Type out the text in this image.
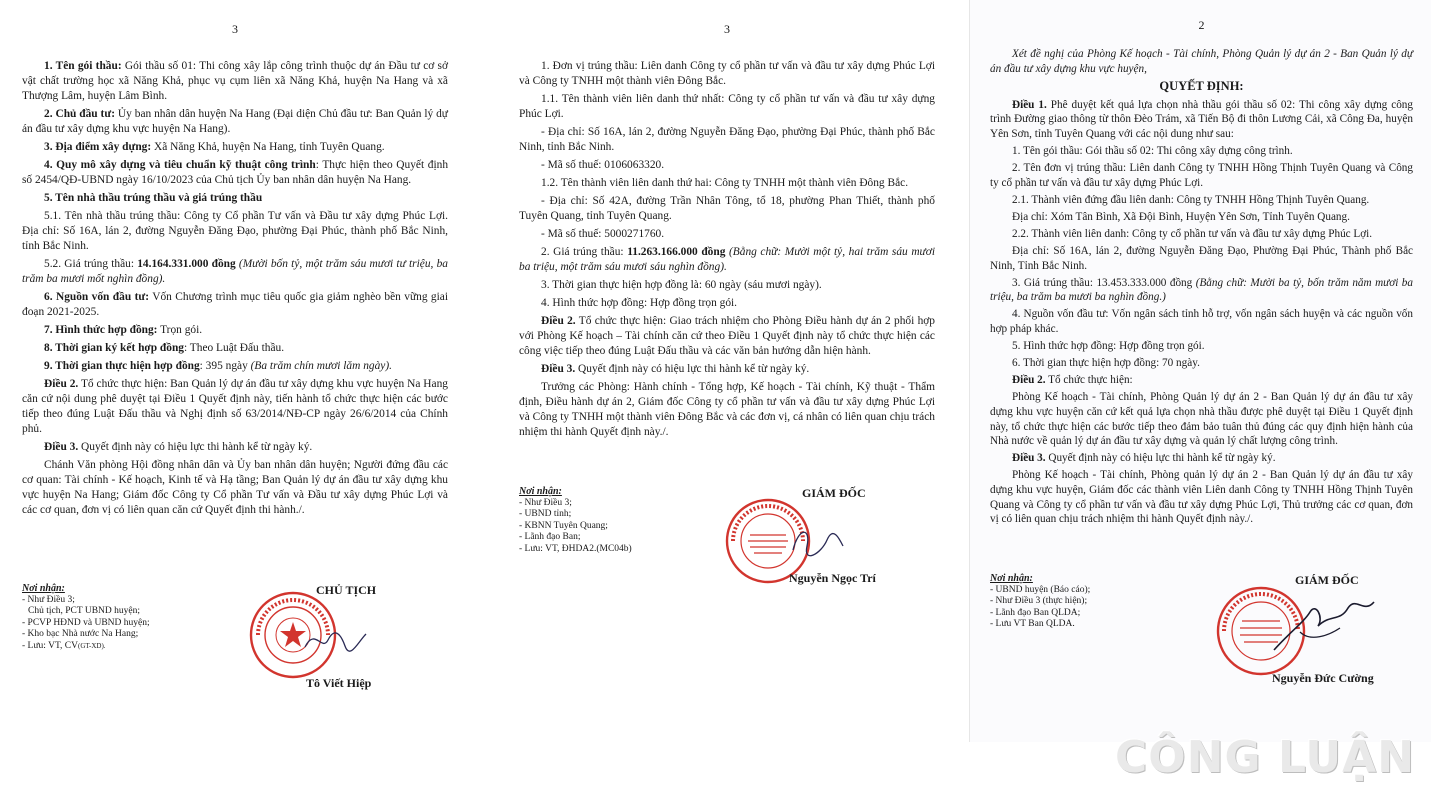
3
1. Tên gói thầu: Gói thầu số 01: Thi công xây lắp công trình thuộc dự án Đầu tư cơ sở vật chất trường học xã Năng Khả, phục vụ cụm liên xã Năng Khả, huyện Na Hang và xã Thượng Lâm, huyện Lâm Bình.
2. Chủ đầu tư: Ủy ban nhân dân huyện Na Hang (Đại diện Chủ đầu tư: Ban Quản lý dự án đầu tư xây dựng khu vực huyện Na Hang).
3. Địa điểm xây dựng: Xã Năng Khả, huyện Na Hang, tỉnh Tuyên Quang.
4. Quy mô xây dựng và tiêu chuẩn kỹ thuật công trình: Thực hiện theo Quyết định số 2454/QĐ-UBND ngày 16/10/2023 của Chủ tịch Ủy ban nhân dân huyện Na Hang.
5. Tên nhà thầu trúng thầu và giá trúng thầu
5.1. Tên nhà thầu trúng thầu: Công ty Cổ phần Tư vấn và Đầu tư xây dựng Phúc Lợi. Địa chỉ: Số 16A, lán 2, đường Nguyễn Đăng Đạo, phường Đại Phúc, thành phố Bắc Ninh, tỉnh Bắc Ninh.
5.2. Giá trúng thầu: 14.164.331.000 đồng (Mười bốn tỷ, một trăm sáu mươi tư triệu, ba trăm ba mươi mốt nghìn đồng).
6. Nguồn vốn đầu tư: Vốn Chương trình mục tiêu quốc gia giảm nghèo bền vững giai đoạn 2021-2025.
7. Hình thức hợp đồng: Trọn gói.
8. Thời gian ký kết hợp đồng: Theo Luật Đấu thầu.
9. Thời gian thực hiện hợp đồng: 395 ngày (Ba trăm chín mươi lăm ngày).
Điều 2. Tổ chức thực hiện: Ban Quản lý dự án đầu tư xây dựng khu vực huyện Na Hang căn cứ nội dung phê duyệt tại Điều 1 Quyết định này, tiến hành tổ chức thực hiện các bước tiếp theo đúng Luật Đấu thầu và Nghị định số 63/2014/NĐ-CP ngày 26/6/2014 của Chính phủ.
Điều 3. Quyết định này có hiệu lực thi hành kể từ ngày ký.
Chánh Văn phòng Hội đồng nhân dân và Ủy ban nhân dân huyện; Người đứng đầu các cơ quan: Tài chính - Kế hoạch, Kinh tế và Hạ tầng; Ban Quản lý dự án đầu tư xây dựng khu vực huyện Na Hang; Giám đốc Công ty Cổ phần Tư vấn và Đầu tư xây dựng Phúc Lợi và các cơ quan, đơn vị có liên quan căn cứ Quyết định thi hành./.
Nơi nhận:
- Như Điều 3;
Chủ tịch, PCT UBND huyện;
- PCVP HĐND và UBND huyện;
- Kho bạc Nhà nước Na Hang;
- Lưu: VT, CV(GT-XD).
CHỦ TỊCH
Tô Viết Hiệp
3
1. Đơn vị trúng thầu: Liên danh Công ty cổ phần tư vấn và đầu tư xây dựng Phúc Lợi và Công ty TNHH một thành viên Đông Bắc.
1.1. Tên thành viên liên danh thứ nhất: Công ty cổ phần tư vấn và đầu tư xây dựng Phúc Lợi.
- Địa chỉ: Số 16A, lán 2, đường Nguyễn Đăng Đạo, phường Đại Phúc, thành phố Bắc Ninh, tỉnh Bắc Ninh.
- Mã số thuế: 0106063320.
1.2. Tên thành viên liên danh thứ hai: Công ty TNHH một thành viên Đông Bắc.
- Địa chỉ: Số 42A, đường Trần Nhân Tông, tổ 18, phường Phan Thiết, thành phố Tuyên Quang, tỉnh Tuyên Quang.
- Mã số thuế: 5000271760.
2. Giá trúng thầu: 11.263.166.000 đồng (Bằng chữ: Mười một tỷ, hai trăm sáu mươi ba triệu, một trăm sáu mươi sáu nghìn đồng).
3. Thời gian thực hiện hợp đồng là: 60 ngày (sáu mươi ngày).
4. Hình thức hợp đồng: Hợp đồng trọn gói.
Điều 2. Tổ chức thực hiện: Giao trách nhiệm cho Phòng Điều hành dự án 2 phối hợp với Phòng Kế hoạch – Tài chính căn cứ theo Điều 1 Quyết định này tổ chức thực hiện các công việc tiếp theo đúng Luật Đấu thầu và các văn bản hướng dẫn hiện hành.
Điều 3. Quyết định này có hiệu lực thi hành kể từ ngày ký.
Trưởng các Phòng: Hành chính - Tổng hợp, Kế hoạch - Tài chính, Kỹ thuật - Thẩm định, Điều hành dự án 2, Giám đốc Công ty cổ phần tư vấn và đầu tư xây dựng Phúc Lợi và Công ty TNHH một thành viên Đông Bắc và các đơn vị, cá nhân có liên quan chịu trách nhiệm thi hành Quyết định này./.
Nơi nhận:
- Như Điều 3;
- UBND tỉnh;
- KBNN Tuyên Quang;
- Lãnh đạo Ban;
- Lưu: VT, ĐHDA2.(MC04b)
GIÁM ĐỐC
Nguyễn Ngọc Trí
2
Xét đề nghị của Phòng Kế hoạch - Tài chính, Phòng Quản lý dự án 2 - Ban Quản lý dự án đầu tư xây dựng khu vực huyện,
QUYẾT ĐỊNH:
Điều 1. Phê duyệt kết quả lựa chọn nhà thầu gói thầu số 02: Thi công xây dựng công trình Đường giao thông từ thôn Đèo Trám, xã Tiến Bộ đi thôn Lương Cải, xã Công Đa, huyện Yên Sơn, tỉnh Tuyên Quang với các nội dung như sau:
1. Tên gói thầu: Gói thầu số 02: Thi công xây dựng công trình.
2. Tên đơn vị trúng thầu: Liên danh Công ty TNHH Hồng Thịnh Tuyên Quang và Công ty cổ phần tư vấn và đầu tư xây dựng Phúc Lợi.
2.1. Thành viên đứng đầu liên danh: Công ty TNHH Hồng Thịnh Tuyên Quang.
Địa chỉ: Xóm Tân Bình, Xã Đội Bình, Huyện Yên Sơn, Tỉnh Tuyên Quang.
2.2. Thành viên liên danh: Công ty cổ phần tư vấn và đầu tư xây dựng Phúc Lợi.
Địa chỉ: Số 16A, lán 2, đường Nguyễn Đăng Đạo, Phường Đại Phúc, Thành phố Bắc Ninh, Tỉnh Bắc Ninh.
3. Giá trúng thầu: 13.453.333.000 đồng (Bằng chữ: Mười ba tỷ, bốn trăm năm mươi ba triệu, ba trăm ba mươi ba nghìn đồng.)
4. Nguồn vốn đầu tư: Vốn ngân sách tỉnh hỗ trợ, vốn ngân sách huyện và các nguồn vốn hợp pháp khác.
5. Hình thức hợp đồng: Hợp đồng trọn gói.
6. Thời gian thực hiện hợp đồng: 70 ngày.
Điều 2. Tổ chức thực hiện:
Phòng Kế hoạch - Tài chính, Phòng Quản lý dự án 2 - Ban Quản lý dự án đầu tư xây dựng khu vực huyện căn cứ kết quả lựa chọn nhà thầu được phê duyệt tại Điều 1 Quyết định này, tổ chức thực hiện các bước tiếp theo đảm bảo tuân thủ đúng các quy định hiện hành của Nhà nước về quản lý dự án đầu tư xây dựng và quản lý chất lượng công trình.
Điều 3. Quyết định này có hiệu lực thi hành kể từ ngày ký.
Phòng Kế hoạch - Tài chính, Phòng quản lý dự án 2 - Ban Quản lý dự án đầu tư xây dựng khu vực huyện, Giám đốc các thành viên Liên danh Công ty TNHH Hồng Thịnh Tuyên Quang và Công ty cổ phần tư vấn và đầu tư xây dựng Phúc Lợi, Thủ trưởng các cơ quan, đơn vị có liên quan chịu trách nhiệm thi hành Quyết định này./.
Nơi nhận:
- UBND huyện (Báo cáo);
- Như Điều 3 (thực hiện);
- Lãnh đạo Ban QLDA;
- Lưu VT Ban QLDA.
GIÁM ĐỐC
Nguyễn Đức Cường
CÔNG LUẬN
